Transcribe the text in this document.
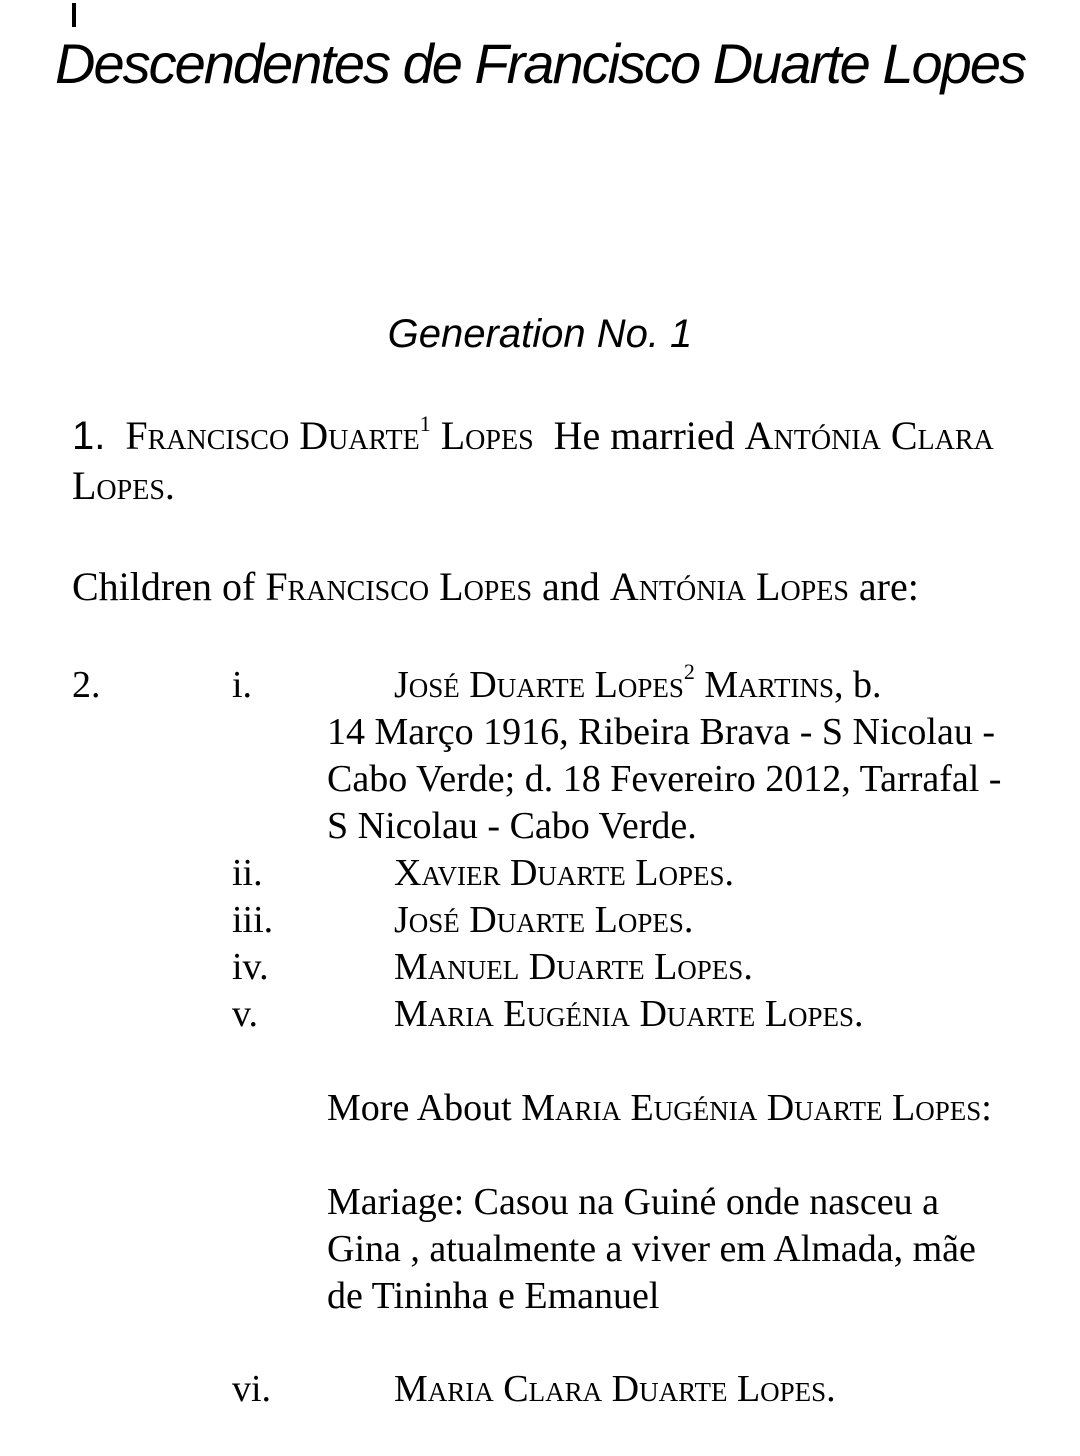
Descendentes de Francisco Duarte Lopes
Generation No. 1
1. Francisco Duarte$^1$ Lopes He married Antónia Clara Lopes.
Children of Francisco Lopes and Antónia Lopes are:
2.	i.	José Duarte Lopes$^2$ Martins, b.
14 Março 1916, Ribeira Brava - S Nicolau - Cabo Verde; d. 18 Fevereiro 2012, Tarrafal - S Nicolau - Cabo Verde.
ii.	Xavier Duarte Lopes.
iii.	José Duarte Lopes.
iv.	Manuel Duarte Lopes.
v.	Maria Eugénia Duarte Lopes.
More About Maria Eugénia Duarte Lopes:
Mariage: Casou na Guiné onde nasceu a Gina , atualmente a viver em Almada, mãe de Tininha e Emanuel
vi.	Maria Clara Duarte Lopes.
